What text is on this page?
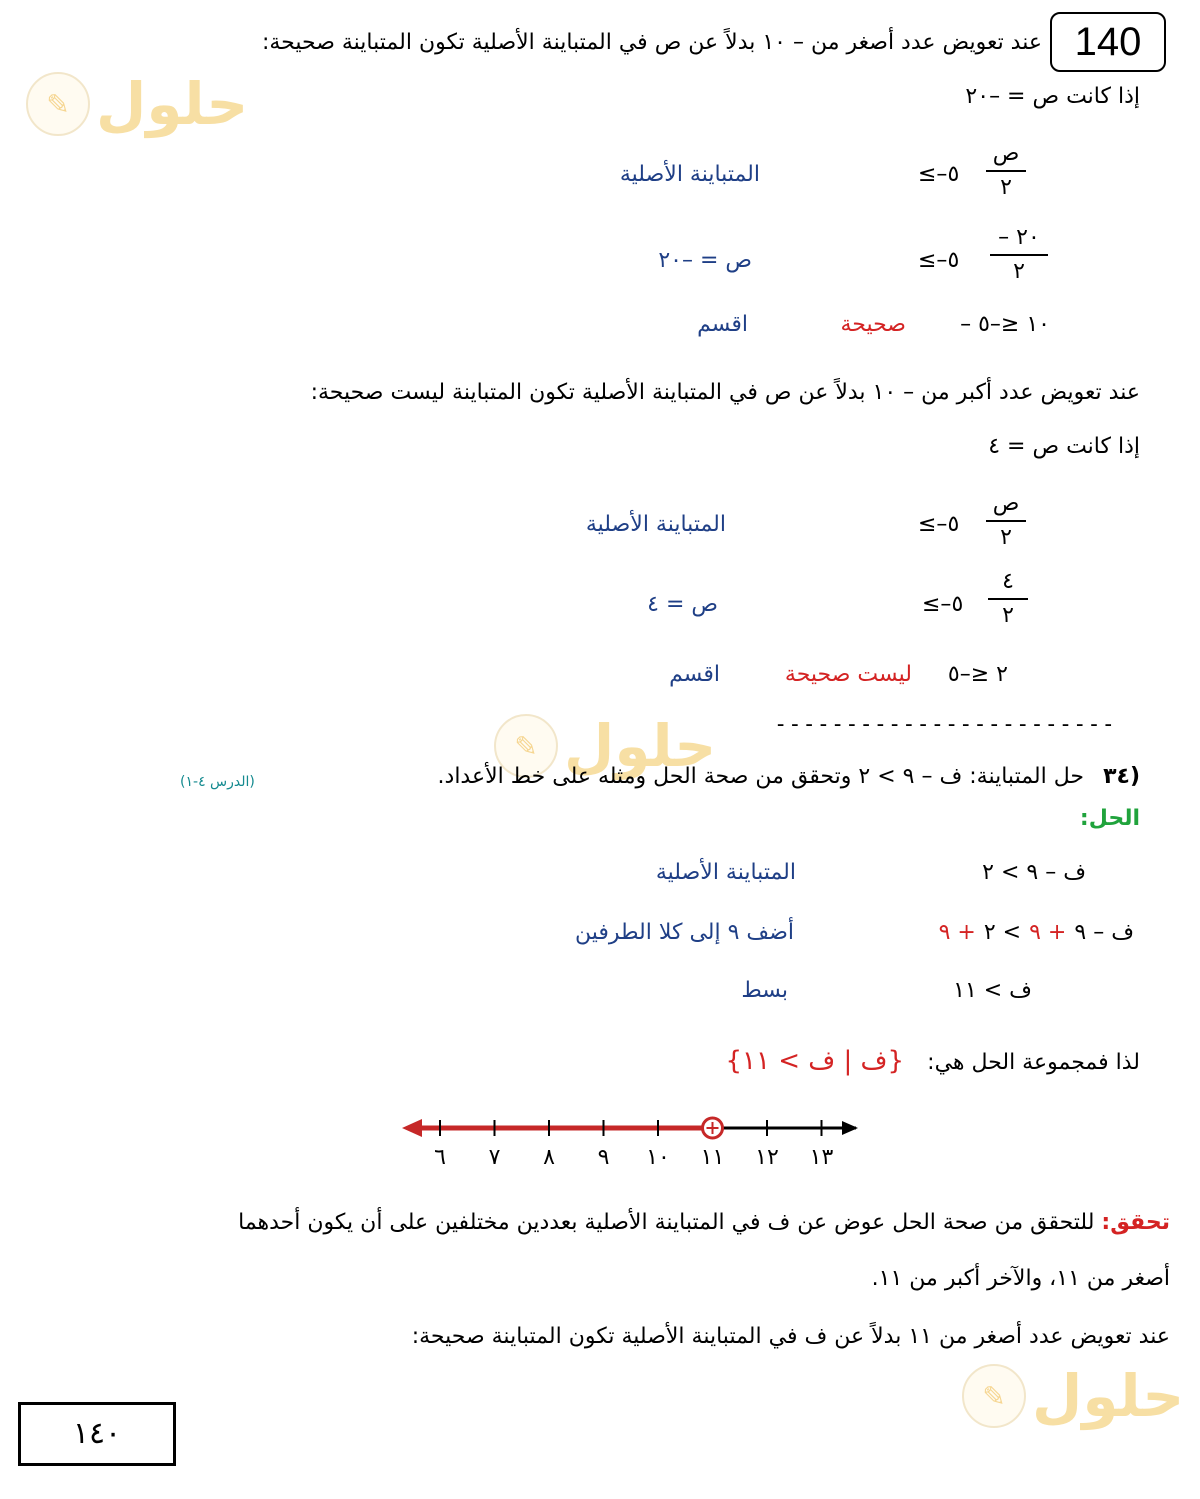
140
✎ حلول
✎ حلول
✎ حلول
عند تعويض عدد أصغر من – ١٠ بدلاً عن ص في المتباينة الأصلية تكون المتباينة صحيحة:
إذا كانت ص = –٢٠
ص
٢
≤–٥
المتباينة الأصلية
– ٢٠
٢
≤–٥
ص = –٢٠
– ١٠ ≤–٥
صحيحة
اقسم
عند تعويض عدد أكبر من – ١٠ بدلاً عن ص في المتباينة الأصلية تكون المتباينة ليست صحيحة:
إذا كانت ص = ٤
ص
٢
≤–٥
المتباينة الأصلية
٤
٢
≤–٥
ص = ٤
٢ ≤–٥
ليست صحيحة
اقسم
------------------------
٣٤)
حل المتباينة: ف – ٩ > ٢ وتحقق من صحة الحل ومثله على خط الأعداد.
(الدرس ٤-١)
الحل:
ف – ٩ > ٢
المتباينة الأصلية
ف – ٩
+ ٩
> ٢
+ ٩
أضف ٩ إلى كلا الطرفين
ف > ١١
بسط
لذا فمجموعة الحل هي:
{ف | ف > ١١}
٦ ٧ ٨ ٩ ١٠ ١١ ١٢ ١٣
تحقق: للتحقق من صحة الحل عوض عن ف في المتباينة الأصلية بعددين مختلفين على أن يكون أحدهما
أصغر من ١١، والآخر أكبر من ١١.
عند تعويض عدد أصغر من ١١ بدلاً عن ف في المتباينة الأصلية تكون المتباينة صحيحة:
١٤٠
